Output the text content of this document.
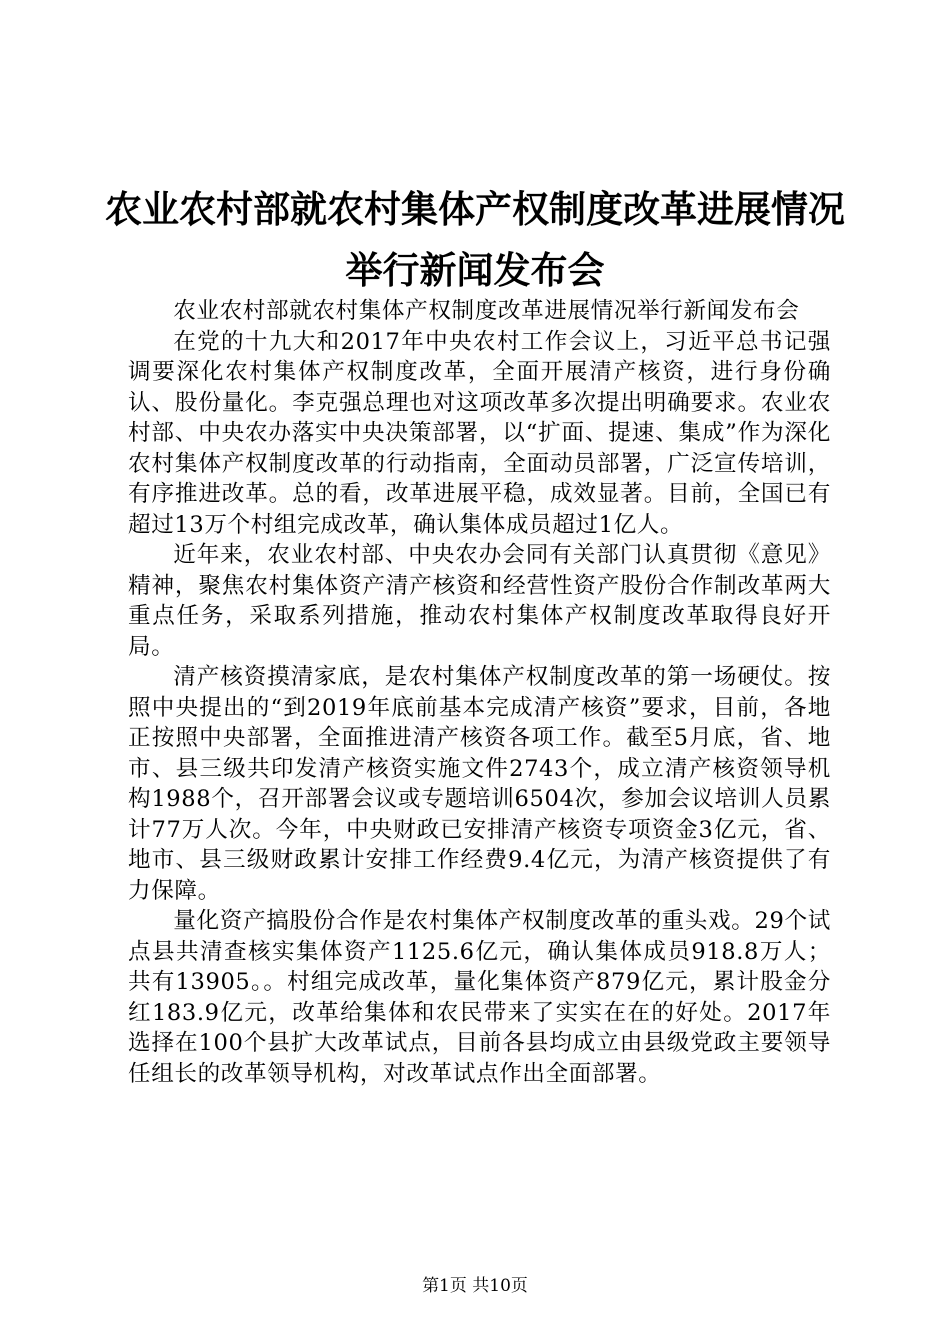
农业农村部就农村集体产权制度改革进展情况
举行新闻发布会

农业农村部就农村集体产权制度改革进展情况举行新闻发布会

在党的十九大和2017年中央农村工作会议上，习近平总书记强调要深化农村集体产权制度改革，全面开展清产核资，进行身份确认、股份量化。李克强总理也对这项改革多次提出明确要求。农业农村部、中央农办落实中央决策部署，以“扩面、提速、集成”作为深化农村集体产权制度改革的行动指南，全面动员部署，广泛宣传培训，有序推进改革。总的看，改革进展平稳，成效显著。目前，全国已有超过13万个村组完成改革，确认集体成员超过1亿人。

近年来，农业农村部、中央农办会同有关部门认真贯彻《意见》精神，聚焦农村集体资产清产核资和经营性资产股份合作制改革两大重点任务，采取系列措施，推动农村集体产权制度改革取得良好开局。

清产核资摸清家底，是农村集体产权制度改革的第一场硬仗。按照中央提出的“到2019年底前基本完成清产核资”要求，目前，各地正按照中央部署，全面推进清产核资各项工作。截至5月底，省、地市、县三级共印发清产核资实施文件2743个，成立清产核资领导机构1988个，召开部署会议或专题培训6504次，参加会议培训人员累计77万人次。今年，中央财政已安排清产核资专项资金3亿元，省、地市、县三级财政累计安排工作经费9.4亿元，为清产核资提供了有力保障。

量化资产搞股份合作是农村集体产权制度改革的重头戏。29个试点县共清查核实集体资产1125.6亿元，确认集体成员918.8万人；共有13905。。村组完成改革，量化集体资产879亿元，累计股金分红183.9亿元，改革给集体和农民带来了实实在在的好处。2017年选择在100个县扩大改革试点，目前各县均成立由县级党政主要领导任组长的改革领导机构，对改革试点作出全面部署。

第1页 共10页
